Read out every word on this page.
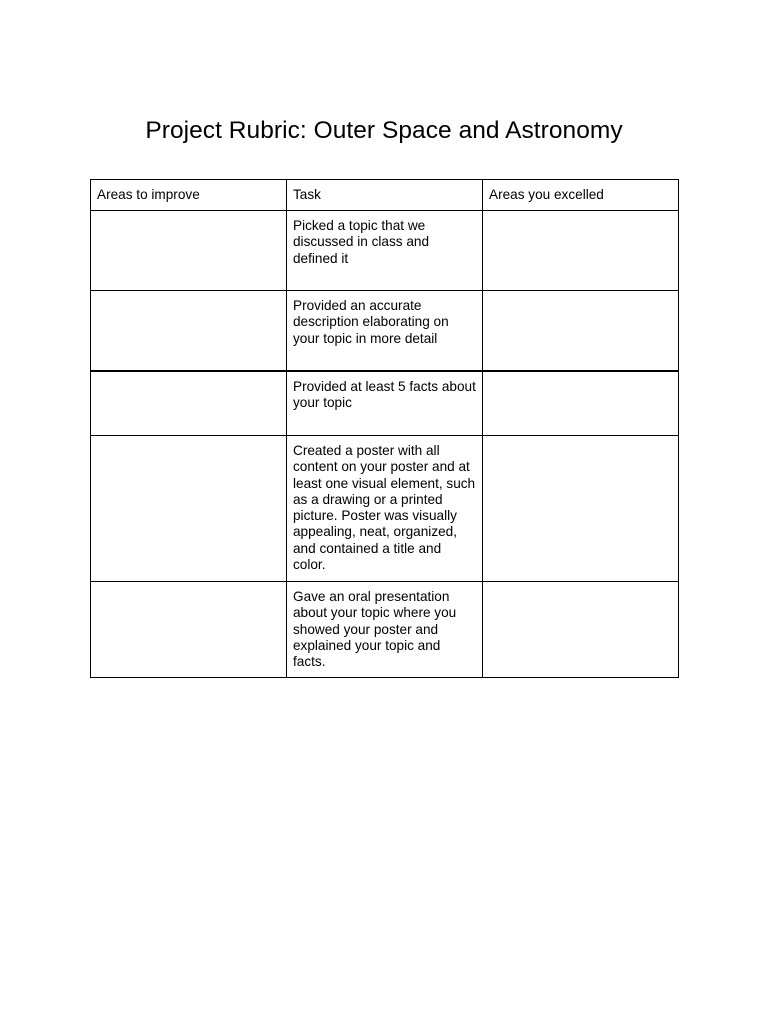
Project Rubric: Outer Space and Astronomy
Areas to improve	Task	Areas you excelled
	Picked a topic that we discussed in class and defined it	
	Provided an accurate description elaborating on your topic in more detail	
	Provided at least 5 facts about your topic	
	Created a poster with all content on your poster and at least one visual element, such as a drawing or a printed picture. Poster was visually appealing, neat, organized, and contained a title and color.	
	Gave an oral presentation about your topic where you showed your poster and explained your topic and facts.	
